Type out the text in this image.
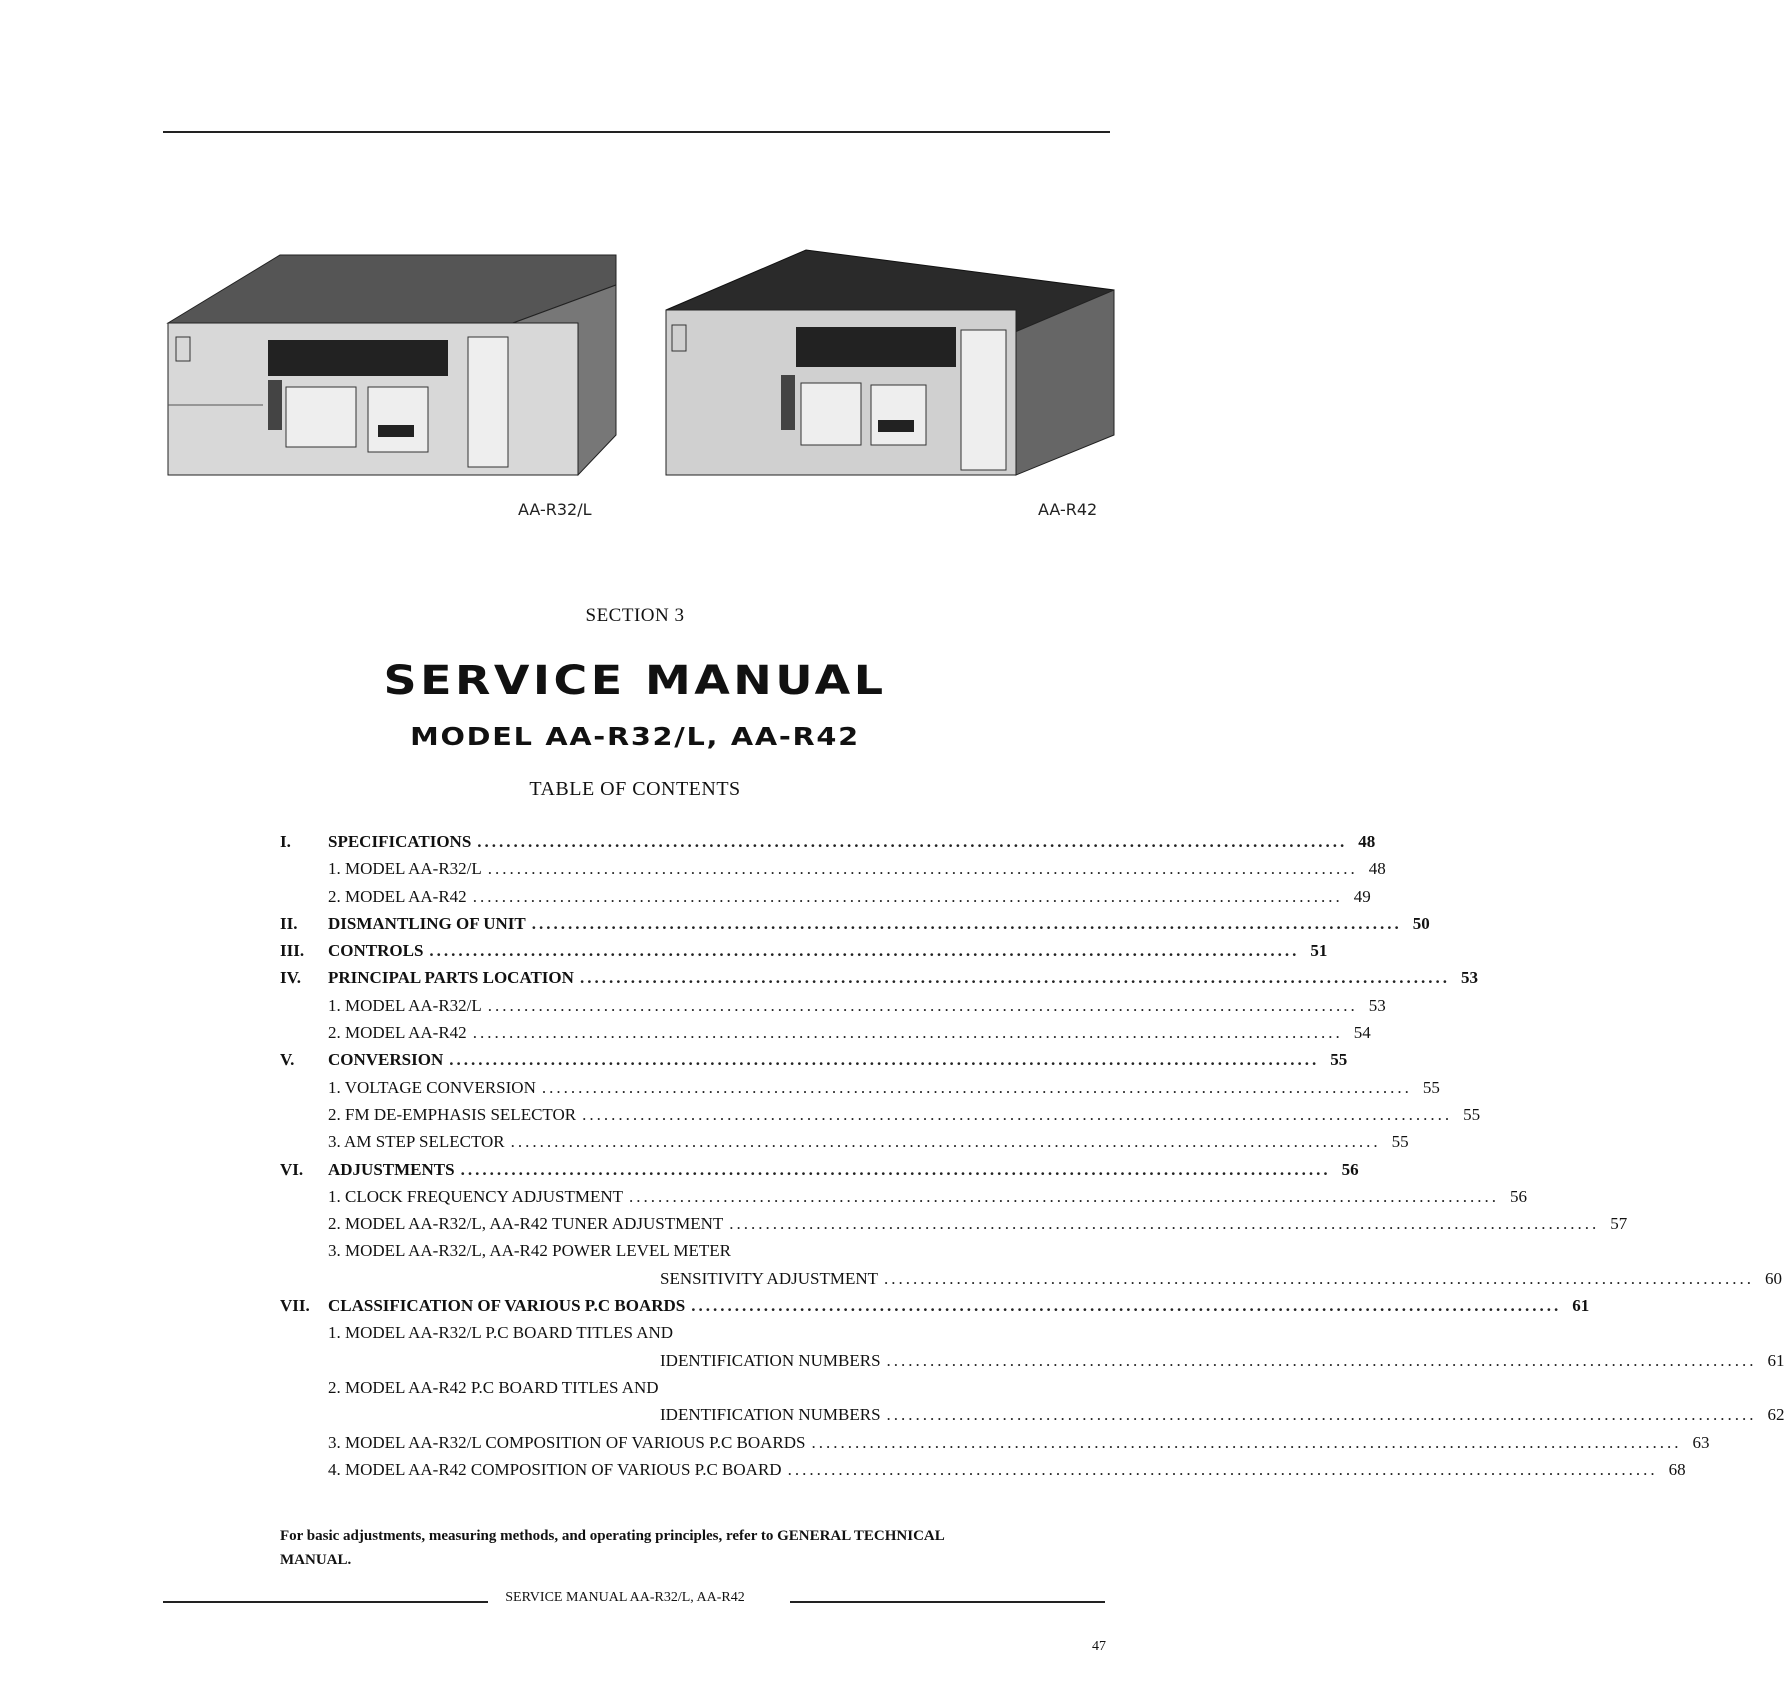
AA-R32/L	AA-R42
SECTION 3
SERVICE MANUAL
MODEL AA-R32/L, AA-R42
TABLE OF CONTENTS
I.	SPECIFICATIONS ........................................................................................................................ 48
1. MODEL AA-R32/L ........................................................................................................................ 48
2. MODEL AA-R42 ........................................................................................................................ 49
II.	DISMANTLING OF UNIT ........................................................................................................................ 50
III.	CONTROLS ........................................................................................................................ 51
IV.	PRINCIPAL PARTS LOCATION ........................................................................................................................ 53
1. MODEL AA-R32/L ........................................................................................................................ 53
2. MODEL AA-R42 ........................................................................................................................ 54
V.	CONVERSION ........................................................................................................................ 55
1. VOLTAGE CONVERSION ........................................................................................................................ 55
2. FM DE-EMPHASIS SELECTOR ........................................................................................................................ 55
3. AM STEP SELECTOR ........................................................................................................................ 55
VI.	ADJUSTMENTS ........................................................................................................................ 56
1. CLOCK FREQUENCY ADJUSTMENT ........................................................................................................................ 56
2. MODEL AA-R32/L, AA-R42 TUNER ADJUSTMENT ........................................................................................................................ 57
3. MODEL AA-R32/L, AA-R42 POWER LEVEL METER
SENSITIVITY ADJUSTMENT ........................................................................................................................ 60
VII.	CLASSIFICATION OF VARIOUS P.C BOARDS ........................................................................................................................ 61
1. MODEL AA-R32/L P.C BOARD TITLES AND
IDENTIFICATION NUMBERS ........................................................................................................................ 61
2. MODEL AA-R42 P.C BOARD TITLES AND
IDENTIFICATION NUMBERS ........................................................................................................................ 62
3. MODEL AA-R32/L COMPOSITION OF VARIOUS P.C BOARDS ........................................................................................................................ 63
4. MODEL AA-R42 COMPOSITION OF VARIOUS P.C BOARD ........................................................................................................................ 68
For basic adjustments, measuring methods, and operating principles, refer to GENERAL TECHNICAL MANUAL.
SERVICE MANUAL AA-R32/L, AA-R42
47
